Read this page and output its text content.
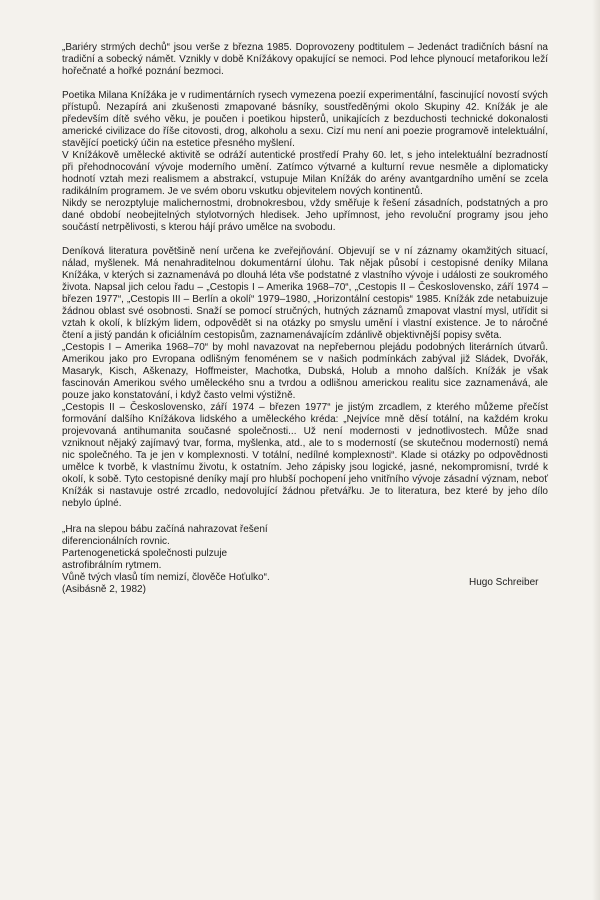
„Bariéry strmých dechů“ jsou verše z března 1985. Doprovozeny podtitulem – Jedenáct tradičních básní na tradiční a sobecký námět. Vznikly v době Knížákovy opakující se nemoci. Pod lehce plynoucí metaforikou leží hořečnaté a hořké poznání bezmoci.

Poetika Milana Knížáka je v rudimentárních rysech vymezena poezií experimentální, fascinující novostí svých přístupů. Nezapírá ani zkušenosti zmapované básníky, soustředěnými okolo Skupiny 42. Knížák je ale především dítě svého věku, je poučen i poetikou hipsterů, unikajících z bezduchosti technické dokonalosti americké civilizace do říše citovosti, drog, alkoholu a sexu. Cizí mu není ani poezie programově intelektuální, stavějící poetický účin na estetice přesného myšlení.

V Knížákově umělecké aktivitě se odráží autentické prostředí Prahy 60. let, s jeho intelektuální bezradností při přehodnocování vývoje moderního umění. Zatímco výtvarné a kulturní revue nesměle a diplomaticky hodnotí vztah mezi realismem a abstrakcí, vstupuje Milan Knížák do arény avantgardního umění se zcela radikálním programem. Je ve svém oboru vskutku objevitelem nových kontinentů.

Nikdy se nerozptyluje malichernostmi, drobnokresbou, vždy směřuje k řešení zásadních, podstatných a pro dané období neobejitelných stylotvorných hledisek. Jeho upřímnost, jeho revoluční programy jsou jeho součástí netrpělivosti, s kterou hájí právo umělce na svobodu.

Deníková literatura povětšině není určena ke zveřejňování. Objevují se v ní záznamy okamžitých situací, nálad, myšlenek. Má nenahraditelnou dokumentární úlohu. Tak nějak působí i cestopisné deníky Milana Knížáka, v kterých si zaznamenává po dlouhá léta vše podstatné z vlastního vývoje i události ze soukromého života. Napsal jich celou řadu – „Cestopis I – Amerika 1968–70“, „Cestopis II – Československo, září 1974 – březen 1977“, „Cestopis III – Berlín a okolí“ 1979–1980, „Horizontální cestopis“ 1985. Knížák zde netabuizuje žádnou oblast své osobnosti. Snaží se pomocí stručných, hutných záznamů zmapovat vlastní mysl, utřídit si vztah k okolí, k blízkým lidem, odpovědět si na otázky po smyslu umění i vlastní existence. Je to náročné čtení a jistý pandán k oficiálním cestopisům, zaznamenávajícím zdánlivě objektivnější popisy světa.

„Cestopis I – Amerika 1968–70“ by mohl navazovat na nepřebernou plejádu podobných literárních útvarů. Amerikou jako pro Evropana odlišným fenoménem se v našich podmínkách zabýval již Sládek, Dvořák, Masaryk, Kisch, Aškenazy, Hoffmeister, Machotka, Dubská, Holub a mnoho dalších. Knížák je však fascinován Amerikou svého uměleckého snu a tvrdou a odlišnou americkou realitu sice zaznamenává, ale pouze jako konstatování, i když často velmi výstižně.

„Cestopis II – Československo, září 1974 – březen 1977“ je jistým zrcadlem, z kterého můžeme přečíst formování dalšího Knížákova lidského a uměleckého kréda: „Nejvíce mně děsí totální, na každém kroku projevovaná antihumanita současné společnosti... Už není modernosti v jednotlivostech. Může snad vzniknout nějaký zajímavý tvar, forma, myšlenka, atd., ale to s moderností (se skutečnou moderností) nemá nic společného. Ta je jen v komplexnosti. V totální, nedílné komplexnosti“. Klade si otázky po odpovědnosti umělce k tvorbě, k vlastnímu životu, k ostatním. Jeho zápisky jsou logické, jasné, nekompromisní, tvrdé k okolí, k sobě. Tyto cestopisné deníky mají pro hlubší pochopení jeho vnitřního vývoje zásadní význam, neboť Knížák si nastavuje ostré zrcadlo, nedovolující žádnou přetvářku. Je to literatura, bez které by jeho dílo nebylo úplné.

„Hra na slepou bábu začíná nahrazovat řešení

diferencionálních rovnic.

Partenogenetická společnosti pulzuje

astrofibrálním rytmem.

Vůně tvých vlasů tím nemizí, člověče Hoťulko“.

(Asibásně 2, 1982)

Hugo Schreiber
